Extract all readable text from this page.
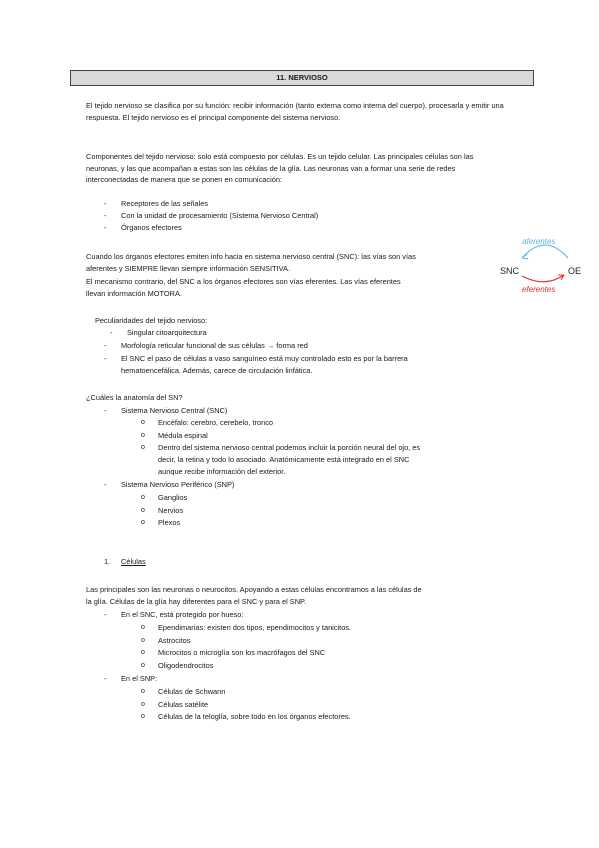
11. NERVIOSO

El tejido nervioso se clasifica por su función: recibir información (tanto externa como interna del cuerpo), procesarla y emitir una respuesta. El tejido nervioso es el principal componente del sistema nervioso.

Componentes del tejido nervioso: solo está compuesto por células. Es un tejido celular. Las principales células son las neuronas, y las que acompañan a estas son las células de la glía. Las neuronas van a formar una serie de redes interconectadas de manera que se ponen en comunicación:

- Receptores de las señales
- Con la unidad de procesamiento (Sistema Nervioso Central)
- Órganos efectores
Cuando los órganos efectores emiten info hacia en sistema nervioso central (SNC): las vías son vías
aferentes y SIEMPRE llevan siempre información SENSITIVA.
El mecanismo contrario, del SNC a los órganos efectores son vías eferentes. Las vías eferentes
llevan información MOTORA.
aferentes
SNC	OE
eferentes
Peculiaridades del tejido nervioso:
- Singular citoarquitectura
- Morfología reticular funcional de sus células → forma red
- El SNC el paso de células a vaso sanguíneo está muy controlado esto es por la barrera
hematoencefálica. Además, carece de circulación linfática.
¿Cuáles la anatomía del SN?
- Sistema Nervioso Central (SNC)
o Encéfalo: cerebro, cerebelo, tronco
o Médula espinal
o Dentro del sistema nervioso central podemos incluir la porción neural del ojo, es
decir, la retina y todo lo asociado. Anatómicamente está integrado en el SNC
aunque recibe información del exterior.
- Sistema Nervioso Periférico (SNP)
o Ganglios
o Nervios
o Plexos
1. Células
Las principales son las neuronas o neurocitos. Apoyando a estas células encontramos a las células de
la glía. Células de la glía hay diferentes para el SNC y para el SNP.
- En el SNC, está protegido por hueso:
o Ependimarias: existen dos tipos, ependimocitos y tanicitos.
o Astrocitos
o Microcitos o microglía son los macrófagos del SNC
o Oligodendrocitos
- En el SNP:
o Células de Schwann
o Células satélite
o Células de la teloglía, sobre todo en los órganos efectores.
